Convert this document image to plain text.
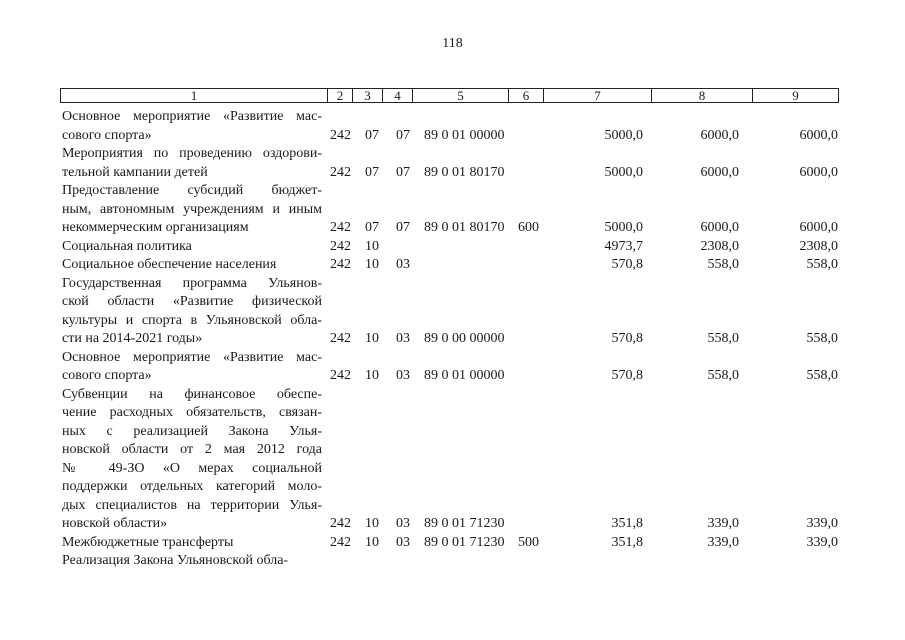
118
1	2	3	4	5	6	7	8	9
Основное мероприятие «Развитие мас-
сового спорта»	242 07 07 89 0 01 00000	5000,0	6000,0	6000,0
Мероприятия по проведению оздорови-
тельной кампании детей	242 07 07 89 0 01 80170	5000,0	6000,0	6000,0
Предоставление субсидий бюджет-
ным, автономным учреждениям и иным
некоммерческим организациям	242 07 07 89 0 01 80170 600	5000,0	6000,0	6000,0
Социальная политика	242 10	4973,7	2308,0	2308,0
Социальное обеспечение населения	242 10 03	570,8	558,0	558,0
Государственная программа Ульянов-
ской области «Развитие физической
культуры и спорта в Ульяновской обла-
сти на 2014-2021 годы»	242 10 03 89 0 00 00000	570,8	558,0	558,0
Основное мероприятие «Развитие мас-
сового спорта»	242 10 03 89 0 01 00000	570,8	558,0	558,0
Субвенции на финансовое обеспе-
чение расходных обязательств, связан-
ных с реализацией Закона Улья-
новской области от 2 мая 2012 года
№ 49-ЗО «О мерах социальной
поддержки отдельных категорий моло-
дых специалистов на территории Улья-
новской области»	242 10 03 89 0 01 71230	351,8	339,0	339,0
Межбюджетные трансферты	242 10 03 89 0 01 71230 500	351,8	339,0	339,0
Реализация Закона Ульяновской обла-
